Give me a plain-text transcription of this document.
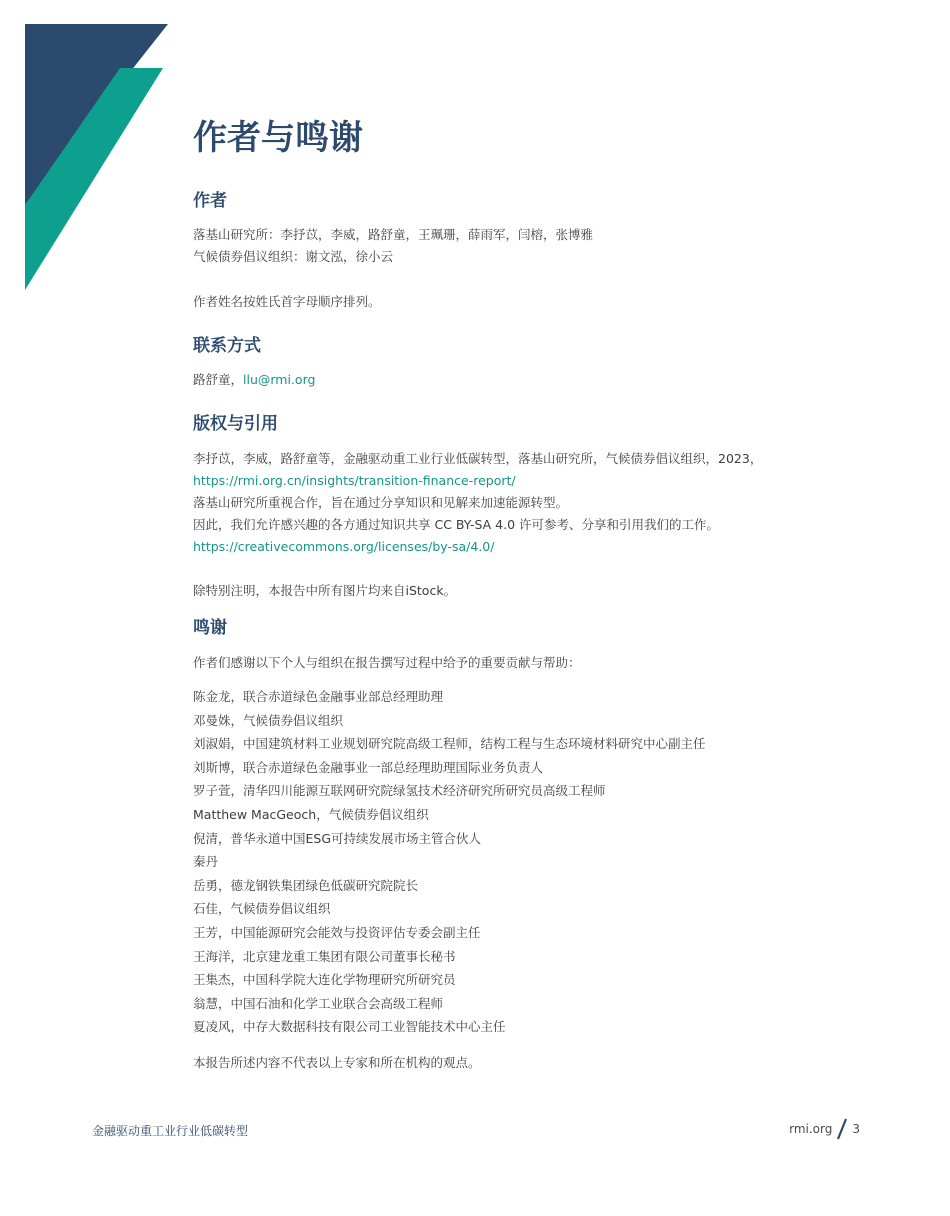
作者与鸣谢
作者
落基山研究所：李抒苡，李威，路舒童，王珮珊，薛雨军，闫榕，张博雅
气候债券倡议组织：谢文泓，徐小云
作者姓名按姓氏首字母顺序排列。
联系方式
路舒童，llu@rmi.org
版权与引用
李抒苡，李威，路舒童等，金融驱动重工业行业低碳转型，落基山研究所，气候债券倡议组织，2023，
https://rmi.org.cn/insights/transition-finance-report/
落基山研究所重视合作，旨在通过分享知识和见解来加速能源转型。
因此，我们允许感兴趣的各方通过知识共享 CC BY-SA 4.0 许可参考、分享和引用我们的工作。
https://creativecommons.org/licenses/by-sa/4.0/
除特别注明，本报告中所有图片均来自iStock。
鸣谢
作者们感谢以下个人与组织在报告撰写过程中给予的重要贡献与帮助：
陈金龙，联合赤道绿色金融事业部总经理助理
邓曼姝，气候债券倡议组织
刘淑娟，中国建筑材料工业规划研究院高级工程师，结构工程与生态环境材料研究中心副主任
刘斯博，联合赤道绿色金融事业一部总经理助理国际业务负责人
罗子萱，清华四川能源互联网研究院绿氢技术经济研究所研究员高级工程师
Matthew MacGeoch，气候债券倡议组织
倪清，普华永道中国ESG可持续发展市场主管合伙人
秦丹
岳勇，德龙钢铁集团绿色低碳研究院院长
石佳，气候债券倡议组织
王芳，中国能源研究会能效与投资评估专委会副主任
王海洋，北京建龙重工集团有限公司董事长秘书
王集杰，中国科学院大连化学物理研究所研究员
翁慧，中国石油和化学工业联合会高级工程师
夏凌风，中存大数据科技有限公司工业智能技术中心主任
本报告所述内容不代表以上专家和所在机构的观点。
金融驱动重工业行业低碳转型	rmi.org 3
